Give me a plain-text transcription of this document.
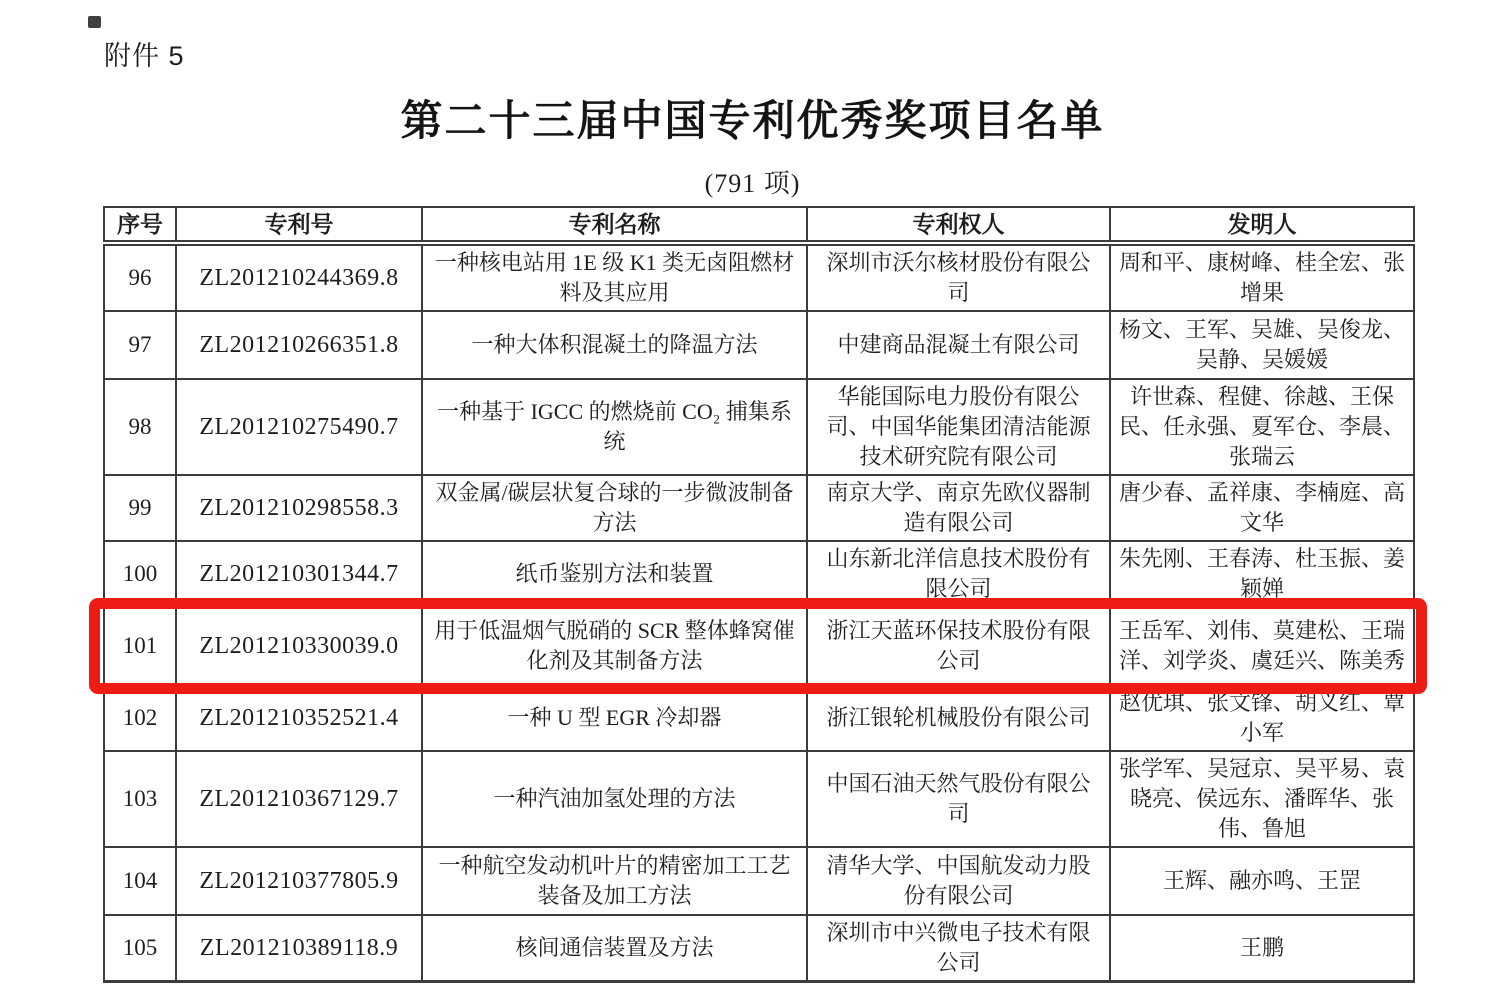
附件 5
第二十三届中国专利优秀奖项目名单
(791 项)
序号	专利号	专利名称	专利权人	发明人
96	ZL201210244369.8	一种核电站用 1E 级 K1 类无卤阻燃材料及其应用	深圳市沃尔核材股份有限公司	周和平、康树峰、桂全宏、张增果
97	ZL201210266351.8	一种大体积混凝土的降温方法	中建商品混凝土有限公司	杨文、王军、吴雄、吴俊龙、吴静、吴媛媛
98	ZL201210275490.7	一种基于 IGCC 的燃烧前 CO₂ 捕集系统	华能国际电力股份有限公司、中国华能集团清洁能源技术研究院有限公司	许世森、程健、徐越、王保民、任永强、夏军仓、李晨、张瑞云
99	ZL201210298558.3	双金属/碳层状复合球的一步微波制备方法	南京大学、南京先欧仪器制造有限公司	唐少春、孟祥康、李楠庭、高文华
100	ZL201210301344.7	纸币鉴别方法和装置	山东新北洋信息技术股份有限公司	朱先刚、王春涛、杜玉振、姜颖婵
101	ZL201210330039.0	用于低温烟气脱硝的 SCR 整体蜂窝催化剂及其制备方法	浙江天蓝环保技术股份有限公司	王岳军、刘伟、莫建松、王瑞洋、刘学炎、虞廷兴、陈美秀
102	ZL201210352521.4	一种 U 型 EGR 冷却器	浙江银轮机械股份有限公司	赵优琪、张文锋、胡义红、覃小军
103	ZL201210367129.7	一种汽油加氢处理的方法	中国石油天然气股份有限公司	张学军、吴冠京、吴平易、袁晓亮、侯远东、潘晖华、张伟、鲁旭
104	ZL201210377805.9	一种航空发动机叶片的精密加工工艺装备及加工方法	清华大学、中国航发动力股份有限公司	王辉、融亦鸣、王罡
105	ZL201210389118.9	核间通信装置及方法	深圳市中兴微电子技术有限公司	王鹏
